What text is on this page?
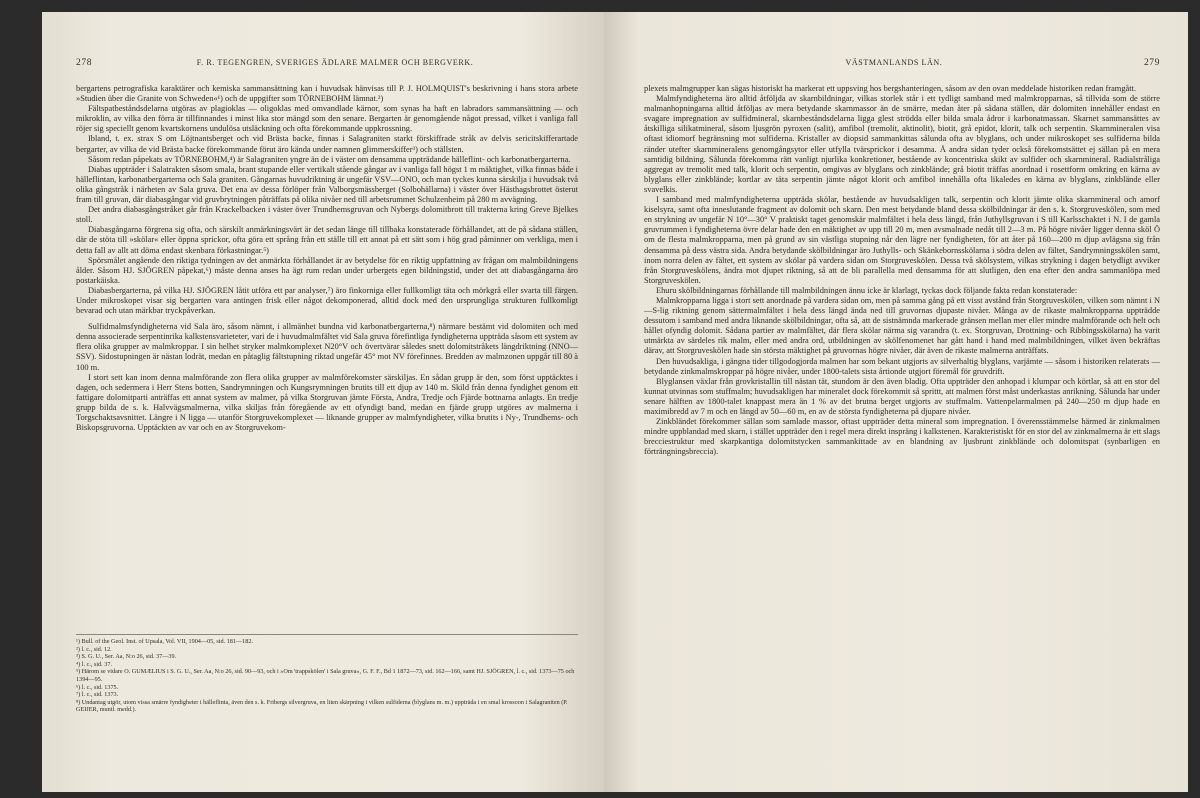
278	F. R. TEGENGREN, SVERIGES ÄDLARE MALMER OCH BERGVERK.

bergartens petrografiska karaktärer och kemiska sammansättning kan i huvudsak hänvisas till P. J. HOLMQUIST's beskrivning i hans stora arbete »Studien über die Granite von Schweden«¹) och de uppgifter som TÖRNEBOHM lämnat.²)

Fältspatbeståndsdelarna utgöras av plagioklas — oligoklas med omvandlade kärnor, som synas ha haft en labradors sammansättning — och mikroklin, av vilka den förra är tillfinnandes i minst lika stor mängd som den senare. Bergarten är genomgående något pressad, vilket i vanliga fall röjer sig speciellt genom kvartskornens undulösa utsläckning och ofta förekommande uppkrossning.

Ibland, t. ex. strax S om Löjtnantsberget och vid Brästa backe, finnas i Salagraniten starkt förskiffrade stråk av delvis sericitskifferartade bergarter, av vilka de vid Brästa backe förekommande förut äro kända under namnen glimmerskiffer³) och ställsten.

Såsom redan påpekats av TÖRNEBOHM,⁴) är Salagraniten yngre än de i väster om densamma uppträdande hälleflint- och karbonatbergarterna.

Diabas uppträder i Salatrakten såsom smala, brant stupande eller vertikalt stående gångar av i vanliga fall högst 1 m mäktighet, vilka finnas både i hälleflintan, karbonatbergarterna och Sala graniten. Gångarnas huvudriktning är ungefär VSV—ONO, och man tyckes kunna särskilja i huvudsak två olika gångstråk i närheten av Sala gruva. Det ena av dessa förlöper från Valborgsmässberget (Solbohällarna) i väster över Hästhagsbrottet österut fram till gruvan, där diabasgångar vid gruvbrytningen påträffats på olika nivåer ned till arbetsrummet Schulzenheim på 280 m avvägning.

Det andra diabasgångstråket går från Krackelbacken i väster över Trundhemsgruvan och Nybergs dolomitbrott till trakterna kring Greve Bjelkes stoll.

Diabasgångarna förgrena sig ofta, och särskilt anmärkningsvärt är det sedan länge till tillbaka konstaterade förhållandet, att de på sådana ställen, där de stöta till »skölar« eller öppna sprickor, ofta göra ett språng från ett ställe till ett annat på ett sätt som i hög grad påminner om verkliga, men i detta fall av allt att döma endast skenbara förkastningar.⁵)

Spörsmålet angående den riktiga tydningen av det anmärkta förhållandet är av betydelse för en riktig uppfattning av frågan om malmbildningens ålder. Såsom HJ. SJÖGREN påpekat,⁶) måste denna anses ha ägt rum redan under urbergets egen bildningstid, under det att diabasgångarna äro postarkäiska.

Diabasbergarterna, på vilka HJ. SJÖGREN låtit utföra ett par analyser,⁷) äro finkorniga eller fullkomligt täta och mörkgrå eller svarta till färgen. Under mikroskopet visar sig bergarten vara antingen frisk eller något dekomponerad, alltid dock med den ursprungliga strukturen fullkomligt bevarad och utan märkbar tryckpåverkan.

Sulfidmalmsfyndigheterna vid Sala äro, såsom nämnt, i allmänhet bundna vid karbonatbergarterna,⁸) närmare bestämt vid dolomiten och med denna associerade serpentinrika kalkstensvarieteter, vari de i huvudmalmfältet vid Sala gruva förefintliga fyndigheterna uppträda såsom ett system av flera olika grupper av malmkroppar. I sin helhet stryker malmkomplexet N20°V och övertvärar således snett dolomitstråkets längdriktning (NNO—SSV). Sidostupningen är nästan lodrät, medan en påtaglig fältstupning riktad ungefär 45° mot NV förefinnes. Bredden av malmzonen uppgår till 80 à 100 m.

I stort sett kan inom denna malmförande zon flera olika grupper av malmförekomster särskiljas. En sådan grupp är den, som först upptäcktes i dagen, och sedermera i Herr Stens botten, Sandrymningen och Kungsrymningen brutits till ett djup av 140 m. Skild från denna fyndighet genom ett fattigare dolomitparti anträffas ett annat system av malmer, på vilka Storgruvan jämte Första, Andra, Tredje och Fjärde bottnarna anlagts. En tredje grupp bilda de s. k. Halvvägsmalmerna, vilka skiljas från föregående av ett ofyndigt band, medan en fjärde grupp utgöres av malmerna i Torgschaktsavsnittet. Längre i N ligga — utanför Storgruvekomplexet — liknande grupper av malmfyndigheter, vilka brutits i Ny-, Trundhems- och Biskopsgruvorna. Upptäckten av var och en av Storgruvekom-

¹) Bull. of the Geol. Inst. of Upsala, Vol. VII, 1904—05, sid. 181—182.
²) l. c., sid. 12.
³) S. G. U., Ser. Aa, N:o 26, sid. 37—39.
⁴) l. c., sid. 37.
⁵) Härom se vidare O. GUMÆLIUS i S. G. U., Ser. Aa, N:o 26, sid. 90—93, och i »Om 'trappskölen' i Sala gruva», G. F. F., Bd 1 1872—73, sid. 162—166, samt HJ. SJÖGREN, l. c., sid. 1373—75 och 1394—95.
⁶) l. c., sid. 1375.
⁷) l. c., sid. 1373.
⁸) Undantag utgör, utom vissa smärre fyndigheter i hälleflinta, även den s. k. Fribergs silvergruva, en liten skärpning i vilken sulfiderna (blyglans m. m.) uppträda i en smal krossoon i Salagraniten (P. GEIJER, muntl. medd.).
VÄSTMANLANDS LÄN.	279

plexets malmgrupper kan sägas historiskt ha markerat ett uppsving hos bergshanteringen, såsom av den ovan meddelade historiken redan framgått.

Malmfyndigheterna äro alltid åtföljda av skarnbildningar, vilkas storlek står i ett tydligt samband med malmkropparnas, så tillvida som de större malmanhopningarna alltid åtföljas av mera betydande skarnmassor än de smärre, medan åter på sådana ställen, där dolomiten innehåller endast en svagare impregnation av sulfidmineral, skarnbeståndsdelarna ligga glest strödda eller bilda smala ådror i karbonatmassan. Skarnet sammansättes av åtskilliga silikatmineral, såsom ljusgrön pyroxen (salit), amfibol (tremolit, aktinolit), biotit, grå epidot, klorit, talk och serpentin. Skarnmineralen visa oftast idiomorf begränsning mot sulfiderna. Kristaller av diopsid sammankittas sålunda ofta av blyglans, och under mikroskopet ses sulfiderna bilda ränder utefter skarnmineralens genomgångsytor eller utfylla tvärsprickor i desamma. Å andra sidan tyder också förekomstsättet ej sällan på en mera samtidig bildning. Sålunda förekomma rätt vanligt njurlika konkretioner, bestående av koncentriska skikt av sulfider och skarnmineral. Radialstråliga aggregat av tremolit med talk, klorit och serpentin, omgivas av blyglans och zinkblände; grå biotit träffas anordnad i rosettform omkring en kärna av blyglans eller zinkblände; kortlar av täta serpentin jämte något klorit och amfibol innehålla ofta likaledes en kärna av blyglans, zinkblände eller svavelkis.

I samband med malmfyndigheterna uppträda skölar, bestående av huvudsakligen talk, serpentin och klorit jämte olika skarnmineral och amorf kiselsyra, samt ofta inneslutande fragment av dolomit och skarn. Den mest betydande bland dessa skölbildningar är den s. k. Storgruveskölen, som med en strykning av ungefär N 10°—30° V praktiskt taget genomskär malmfältet i hela dess längd, från Juthyllsgruvan i S till Karlsschaktet i N. I de gamla gruvrummen i fyndigheterna övre delar hade den en mäktighet av upp till 20 m, men avsmalnade nedåt till 2—3 m. På högre nivåer ligger denna sköl Ö om de flesta malmkropparna, men på grund av sin västliga stupning når den lägre ner fyndigheten, för att åter på 160—200 m djup avlägsna sig från densamma på dess västra sida. Andra betydande skölbildningar äro Juthylls- och Skänkebornsskölarna i södra delen av fältet, Sandrymningsskölen samt, inom norra delen av fältet, ett system av skölar på vardera sidan om Storgruveskölen. Dessa två skölsystem, vilkas strykning i dagen betydligt avviker från Storgruveskölens, ändra mot djupet riktning, så att de bli parallella med densamma för att slutligen, den ena efter den andra sammanlöpa med Storgruveskölen.

Ehuru skölbildningarnas förhållande till malmbildningen ännu icke är klarlagt, tyckas dock följande fakta redan konstaterade:

Malmkropparna ligga i stort sett anordnade på vardera sidan om, men på samma gång på ett visst avstånd från Storgruveskölen, vilken som nämnt i N—S-lig riktning genom sättermalmfältet i hela dess längd ända ned till gruvornas djupaste nivåer. Många av de rikaste malmkropparna uppträdde dessutom i samband med andra liknande skölbildningar, ofta så, att de sistnämnda markerade gränsen mellan mer eller mindre malmförande och helt och hållet ofyndig dolomit. Sådana partier av malmfältet, där flera skölar närma sig varandra (t. ex. Storgruvan, Drottning- och Ribbingsskölarna) ha varit utmärkta av särdeles rik malm, eller med andra ord, utbildningen av skölfenomenet har gått hand i hand med malmbildningen, vilket även bekräftas därav, att Storgruveskölen hade sin största mäktighet på gruvornas högre nivåer, där även de rikaste malmerna anträffats.

Den huvudsakliga, i gängna tider tillgodogjorda malmen har som bekant utgjorts av silverhaltig blyglans, varjämte — såsom i historiken relaterats — betydande zinkmalmskroppar på högre nivåer, under 1800-talets sista årtionde utgjort föremål för gruvdrift.

Blyglansen växlar från grovkristallin till nästan tät, stundom är den även bladig. Ofta uppträder den anhopad i klumpar och körtlar, så att en stor del kunnat utvinnas som stuffmalm; huvudsakligen har mineralet dock förekommit så sprittt, att malmen först måst underkastas anrikning. Sålunda har under senare hälften av 1800-talet knappast mera än 1 % av det brutna berget utgjorts av stuffmalm. Vattenpelarmalmen på 240—250 m djup hade en maximibredd av 7 m och en längd av 50—60 m, en av de största fyndigheterna på djupare nivåer.

Zinkbländet förekommer sällan som samlade massor, oftast uppträder detta mineral som impregnation. I överensstämmelse härmed är zinkmalmen mindre uppblandad med skarn, i stället uppträder den i regel mera direkt inspräng i kalkstenen. Karakteristiskt för en stor del av zinkmalmerna är ett slags brecciestruktur med skarpkantiga dolomitstycken sammankittade av en blandning av ljusbrunt zinkblände och dolomitspat (synbarligen en förträngningsbreccia).
